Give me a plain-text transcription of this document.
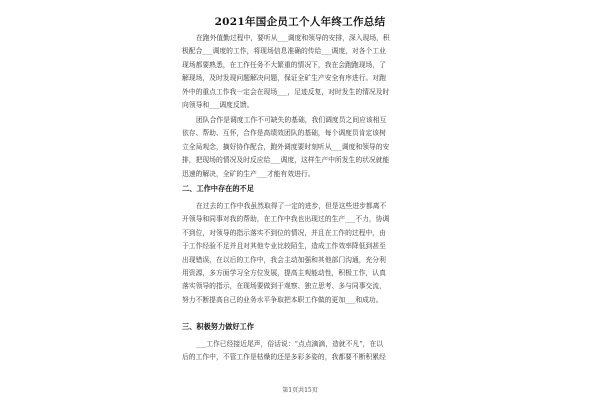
2021年国企员工个人年终工作总结
在跑外值勤过程中，要听从___调度和领导的安排，深入现场，积
极配合___调度的工作，将现场信息准确的传给___调度，对各个工业
现场都要熟悉，在工作任务不大繁重的情况下，我在会跑跑现场，了
解现场，及时发现问题解决问题，保证全矿生产安全有序进行。对跑
外中的重点工作我一定会在现场___，足迹反复，对时发生的情况及时
向领导和___调度反馈。
团队合作是调度工作不可缺失的基础，我们调度员之间应该相互
依存、帮助、互怀，合作是高绩效团队的基础，每个调度员肯定该树
立全局观念，摘好协作配合，跑外调度要时刻听从___调度和领导的安
排，把现场的情况及时反应给___调度，这样生产中所发生的状况就能
迅速的解决，全矿的生产___才能有效进行。
二、工作中存在的不足
在过去的工作中我虽然取得了一定的进步，但是这些进步都离不
开领导和同事对我的帮助，在工作中我也出现过的生产___不力，协调
不到位，对领导的指示落实不到位的情况，并且在工作的过程中，由
于工作经验不足并且对其他专业比较陌生，造成工作效率降低到甚至
出现错误，在以后的工作中，我会主动加强和其他部门沟通，充分利
用资源，多方面学习全方位发展，提高主观能动性，积极工作，认真
落实领导的指示，在现场要做到于观察、独立思考、多与同事交流，
努力不断提高自己的业务水平争取把本职工作做的更加___和成功。
三、积极努力做好工作
___工作已经接近尾声，俗话说：“点点滴滴，造就不凡”，在以
后的工作中，不管工作是枯燥的还是多彩多姿的，我都要不断积累经
第1页共15页
